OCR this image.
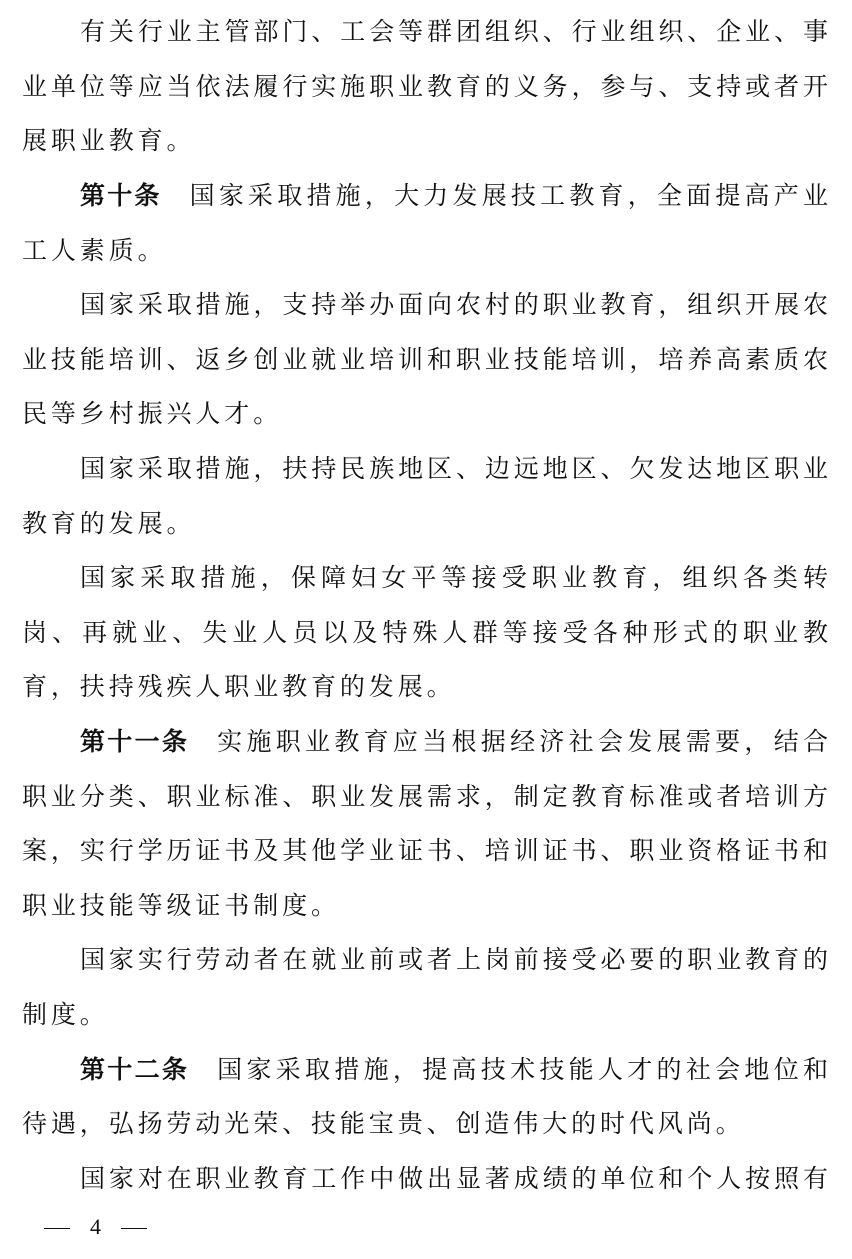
有关行业主管部门、工会等群团组织、行业组织、企业、事
业单位等应当依法履行实施职业教育的义务，参与、支持或者开
展职业教育。
第十条 国家采取措施，大力发展技工教育，全面提高产业
工人素质。
国家采取措施，支持举办面向农村的职业教育，组织开展农
业技能培训、返乡创业就业培训和职业技能培训，培养高素质农
民等乡村振兴人才。
国家采取措施，扶持民族地区、边远地区、欠发达地区职业
教育的发展。
国家采取措施，保障妇女平等接受职业教育，组织各类转
岗、再就业、失业人员以及特殊人群等接受各种形式的职业教
育，扶持残疾人职业教育的发展。
第十一条 实施职业教育应当根据经济社会发展需要，结合
职业分类、职业标准、职业发展需求，制定教育标准或者培训方
案，实行学历证书及其他学业证书、培训证书、职业资格证书和
职业技能等级证书制度。
国家实行劳动者在就业前或者上岗前接受必要的职业教育的
制度。
第十二条 国家采取措施，提高技术技能人才的社会地位和
待遇，弘扬劳动光荣、技能宝贵、创造伟大的时代风尚。
国家对在职业教育工作中做出显著成绩的单位和个人按照有
4
